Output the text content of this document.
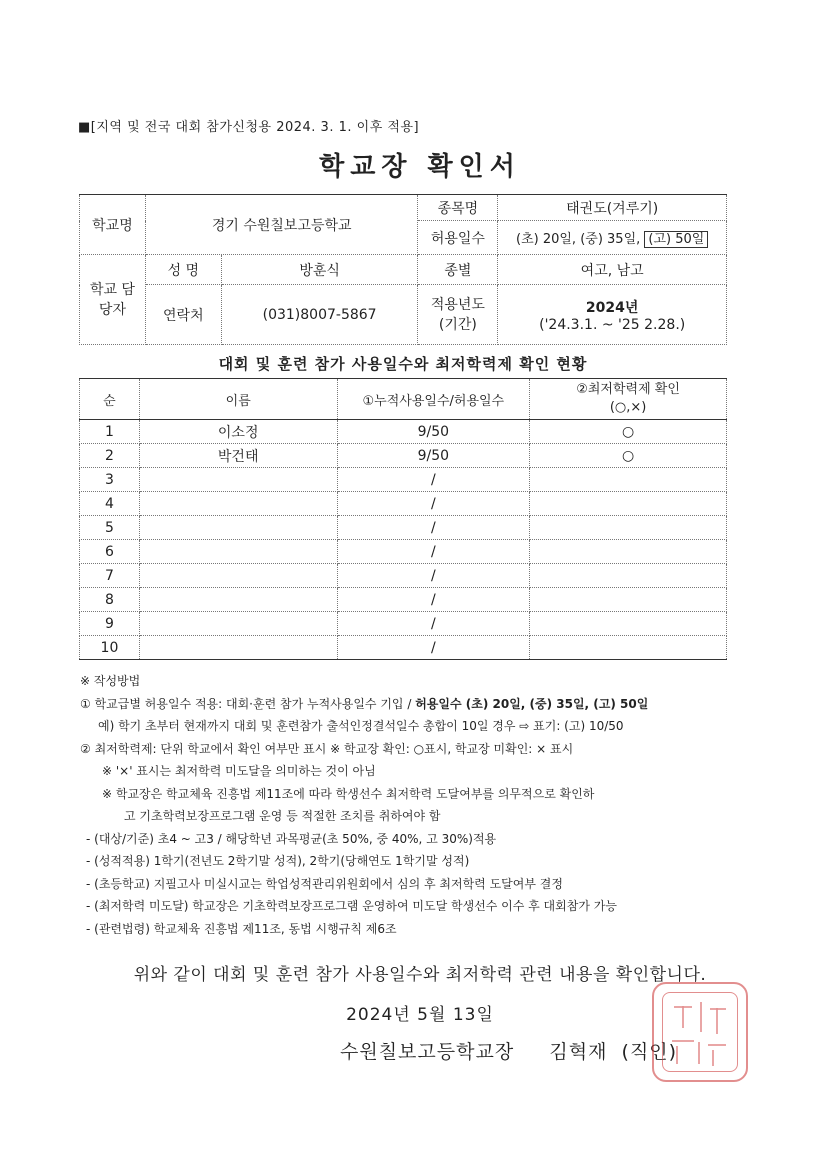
■[지역 및 전국 대회 참가신청용 2024. 3. 1. 이후 적용]
학교장 확인서
학교명	경기 수원칠보고등학교		종목명	태권도(겨루기)
			허용일수	(초) 20일, (중) 35일, (고) 50일
학교 담당자	성 명	방훈식	종별	여고, 남고
	연락처	(031)8007-5867	적용년도 (기간)	2024년
('24.3.1. ~ '25 2.28.)
대회 및 훈련 참가 사용일수와 최저학력제 확인 현황
순	이름	①누적사용일수/허용일수	②최저학력제 확인(○,×)
1	이소정	9/50	○
2	박건태	9/50	○
3		/	
4		/	
5		/	
6		/	
7		/	
8		/	
9		/	
10		/	
※ 작성방법
① 학교급별 허용일수 적용: 대회·훈련 참가 누적사용일수 기입 / 허용일수 (초) 20일, (중) 35일, (고) 50일
예) 학기 초부터 현재까지 대회 및 훈련참가 출석인정결석일수 총합이 10일 경우 ⇨ 표기: (고) 10/50
② 최저학력제: 단위 학교에서 확인 여부만 표시 ※ 학교장 확인: ○표시, 학교장 미확인: × 표시
※ '×' 표시는 최저학력 미도달을 의미하는 것이 아님
※ 학교장은 학교체육 진흥법 제11조에 따라 학생선수 최저학력 도달여부를 의무적으로 확인하
고 기초학력보장프로그램 운영 등 적절한 조치를 취하여야 함
- (대상/기준) 초4 ~ 고3 / 해당학년 과목평균(초 50%, 중 40%, 고 30%)적용
- (성적적용) 1학기(전년도 2학기말 성적), 2학기(당해연도 1학기말 성적)
- (초등학교) 지필고사 미실시교는 학업성적관리위원회에서 심의 후 최저학력 도달여부 결정
- (최저학력 미도달) 학교장은 기초학력보장프로그램 운영하여 미도달 학생선수 이수 후 대회참가 가능
- (관련법령) 학교체육 진흥법 제11조, 동법 시행규칙 제6조
위와 같이 대회 및 훈련 참가 사용일수와 최저학력 관련 내용을 확인합니다.
2024년 5월 13일
수원칠보고등학교장     김혁재  (직인)
